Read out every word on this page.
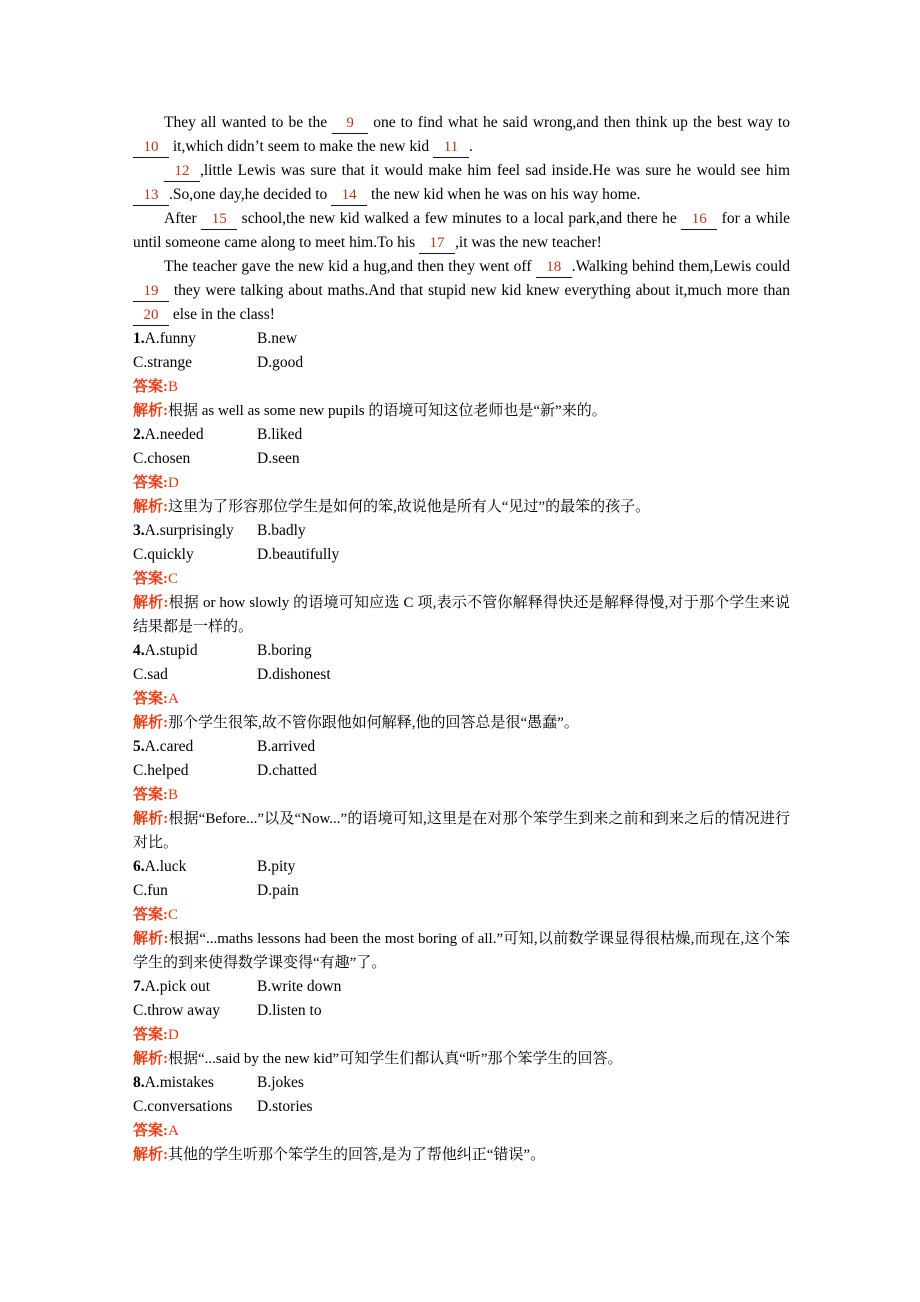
They all wanted to be the 9 one to find what he said wrong,and then think up the best way to 10 it,which didn’t seem to make the new kid 11 .

12 ,little Lewis was sure that it would make him feel sad inside.He was sure he would see him 13 .So,one day,he decided to 14 the new kid when he was on his way home.

After 15 school,the new kid walked a few minutes to a local park,and there he 16 for a while until someone came along to meet him.To his 17 ,it was the new teacher!

The teacher gave the new kid a hug,and then they went off 18 .Walking behind them,Lewis could 19 they were talking about maths.And that stupid new kid knew everything about it,much more than 20 else in the class!

1.A.funny	B.new
C.strange	D.good
答案:B
解析:根据 as well as some new pupils 的语境可知这位老师也是“新”来的。
2.A.needed	B.liked
C.chosen	D.seen
答案:D
解析:这里为了形容那位学生是如何的笨,故说他是所有人“见过”的最笨的孩子。
3.A.surprisingly B.badly
C.quickly	D.beautifully
答案:C
解析:根据 or how slowly 的语境可知应选 C 项,表示不管你解释得快还是解释得慢,对于那个学生来说结果都是一样的。
4.A.stupid	B.boring
C.sad	D.dishonest
答案:A
解析:那个学生很笨,故不管你跟他如何解释,他的回答总是很“愚蠢”。
5.A.cared	B.arrived
C.helped	D.chatted
答案:B
解析:根据“Before...”以及“Now...”的语境可知,这里是在对那个笨学生到来之前和到来之后的情况进行对比。
6.A.luck	B.pity
C.fun	D.pain
答案:C
解析:根据“...maths lessons had been the most boring of all.”可知,以前数学课显得很枯燥,而现在,这个笨学生的到来使得数学课变得“有趣”了。
7.A.pick out	B.write down
C.throw away D.listen to
答案:D
解析:根据“...said by the new kid”可知学生们都认真“听”那个笨学生的回答。
8.A.mistakes	B.jokes
C.conversations D.stories
答案:A
解析:其他的学生听那个笨学生的回答,是为了帮他纠正“错误”。
